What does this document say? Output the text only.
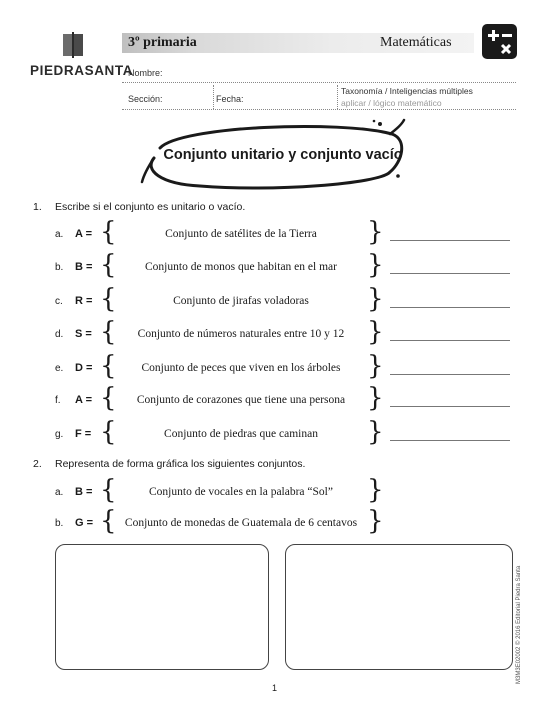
PIEDRASANTA
3º primaria	Matemáticas
Nombre:
Sección:	Fecha:
Taxonomía / Inteligencias múltiples
aplicar / lógico matemático
Conjunto unitario y conjunto vacío
1. Escribe si el conjunto es unitario o vacío.
a. A = {	Conjunto de satélites de la Tierra	}
b. B = {	Conjunto de monos que habitan en el mar	}
c. R = {	Conjunto de jirafas voladoras	}
d. S = {	Conjunto de números naturales entre 10 y 12 }
e. D = {	Conjunto de peces que viven en los árboles	}
f. A = {	Conjunto de corazones que tiene una persona }
g. F = {	Conjunto de piedras que caminan	}
2. Representa de forma gráfica los siguientes conjuntos.
a. B = {	Conjunto de vocales en la palabra “Sol”	}
b. G = { Conjunto de monedas de Guatemala de 6 centavos }
M3M3E02002 © 2016 Editorial Piedra Santa
1
